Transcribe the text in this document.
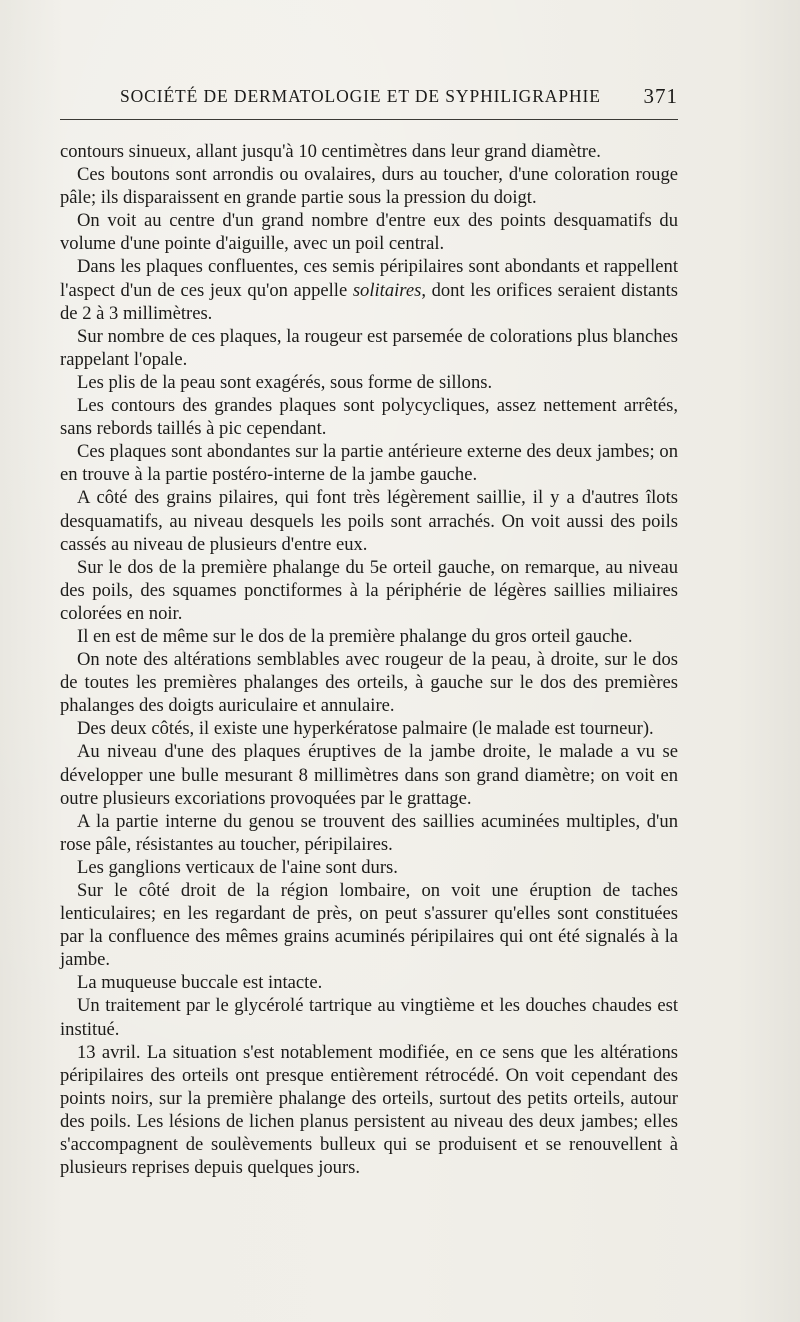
SOCIÉTÉ DE DERMATOLOGIE ET DE SYPHILIGRAPHIE 371

contours sinueux, allant jusqu'à 10 centimètres dans leur grand diamètre.

Ces boutons sont arrondis ou ovalaires, durs au toucher, d'une coloration rouge pâle; ils disparaissent en grande partie sous la pression du doigt.

On voit au centre d'un grand nombre d'entre eux des points desquamatifs du volume d'une pointe d'aiguille, avec un poil central.

Dans les plaques confluentes, ces semis péripilaires sont abondants et rappellent l'aspect d'un de ces jeux qu'on appelle solitaires, dont les orifices seraient distants de 2 à 3 millimètres.

Sur nombre de ces plaques, la rougeur est parsemée de colorations plus blanches rappelant l'opale.

Les plis de la peau sont exagérés, sous forme de sillons.

Les contours des grandes plaques sont polycycliques, assez nettement arrêtés, sans rebords taillés à pic cependant.

Ces plaques sont abondantes sur la partie antérieure externe des deux jambes; on en trouve à la partie postéro-interne de la jambe gauche.

A côté des grains pilaires, qui font très légèrement saillie, il y a d'autres îlots desquamatifs, au niveau desquels les poils sont arrachés. On voit aussi des poils cassés au niveau de plusieurs d'entre eux.

Sur le dos de la première phalange du 5e orteil gauche, on remarque, au niveau des poils, des squames ponctiformes à la périphérie de légères saillies miliaires colorées en noir.

Il en est de même sur le dos de la première phalange du gros orteil gauche.

On note des altérations semblables avec rougeur de la peau, à droite, sur le dos de toutes les premières phalanges des orteils, à gauche sur le dos des premières phalanges des doigts auriculaire et annulaire.

Des deux côtés, il existe une hyperkératose palmaire (le malade est tourneur).

Au niveau d'une des plaques éruptives de la jambe droite, le malade a vu se développer une bulle mesurant 8 millimètres dans son grand diamètre; on voit en outre plusieurs excoriations provoquées par le grattage.

A la partie interne du genou se trouvent des saillies acuminées multiples, d'un rose pâle, résistantes au toucher, péripilaires.

Les ganglions verticaux de l'aine sont durs.

Sur le côté droit de la région lombaire, on voit une éruption de taches lenticulaires; en les regardant de près, on peut s'assurer qu'elles sont constituées par la confluence des mêmes grains acuminés péripilaires qui ont été signalés à la jambe.

La muqueuse buccale est intacte.

Un traitement par le glycérolé tartrique au vingtième et les douches chaudes est institué.

13 avril. La situation s'est notablement modifiée, en ce sens que les altérations péripilaires des orteils ont presque entièrement rétrocédé. On voit cependant des points noirs, sur la première phalange des orteils, surtout des petits orteils, autour des poils. Les lésions de lichen planus persistent au niveau des deux jambes; elles s'accompagnent de soulèvements bulleux qui se produisent et se renouvellent à plusieurs reprises depuis quelques jours.
